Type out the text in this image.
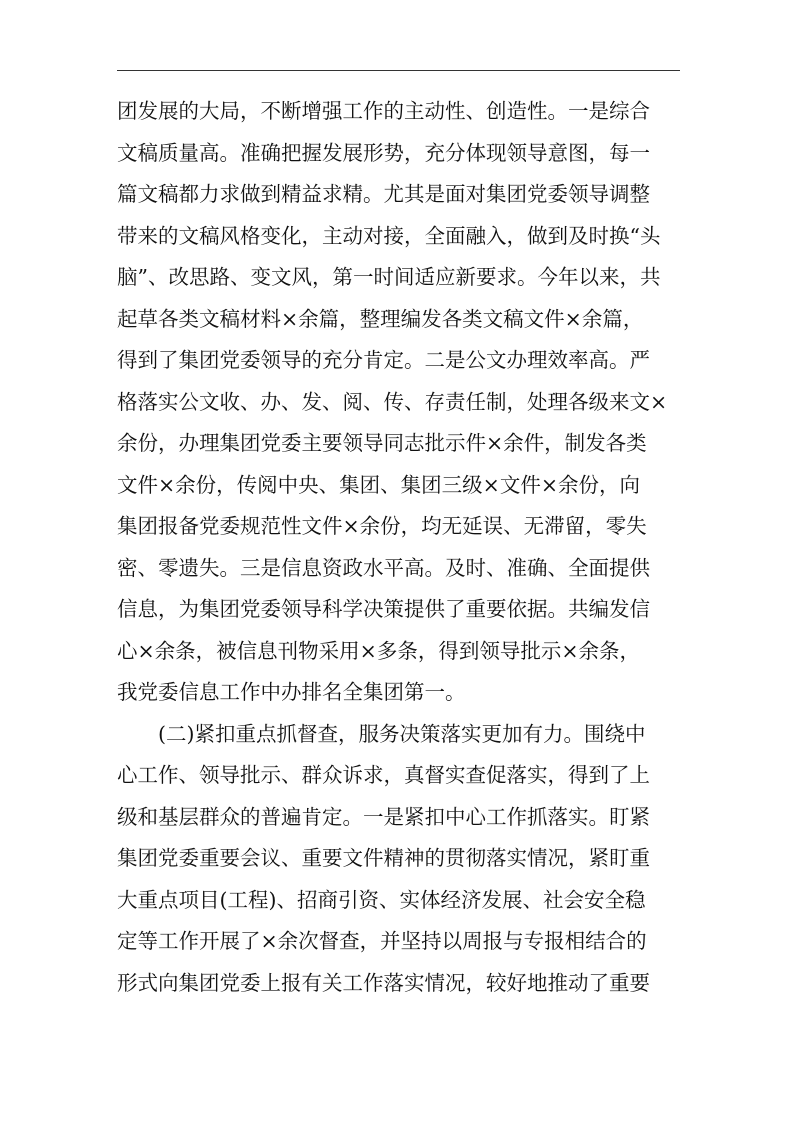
团发展的大局，不断增强工作的主动性、创造性。一是综合
文稿质量高。准确把握发展形势，充分体现领导意图，每一
篇文稿都力求做到精益求精。尤其是面对集团党委领导调整
带来的文稿风格变化，主动对接，全面融入，做到及时换“头
脑”、改思路、变文风，第一时间适应新要求。今年以来，共
起草各类文稿材料×余篇，整理编发各类文稿文件×余篇，
得到了集团党委领导的充分肯定。二是公文办理效率高。严
格落实公文收、办、发、阅、传、存责任制，处理各级来文×
余份，办理集团党委主要领导同志批示件×余件，制发各类
文件×余份，传阅中央、集团、集团三级×文件×余份，向
集团报备党委规范性文件×余份，均无延误、无滞留，零失
密、零遗失。三是信息资政水平高。及时、准确、全面提供
信息，为集团党委领导科学决策提供了重要依据。共编发信
心×余条，被信息刊物采用×多条，得到领导批示×余条，
我党委信息工作中办排名全集团第一。
(二)紧扣重点抓督查，服务决策落实更加有力。围绕中
心工作、领导批示、群众诉求，真督实查促落实，得到了上
级和基层群众的普遍肯定。一是紧扣中心工作抓落实。盯紧
集团党委重要会议、重要文件精神的贯彻落实情况，紧盯重
大重点项目(工程)、招商引资、实体经济发展、社会安全稳
定等工作开展了×余次督查，并坚持以周报与专报相结合的
形式向集团党委上报有关工作落实情况，较好地推动了重要
